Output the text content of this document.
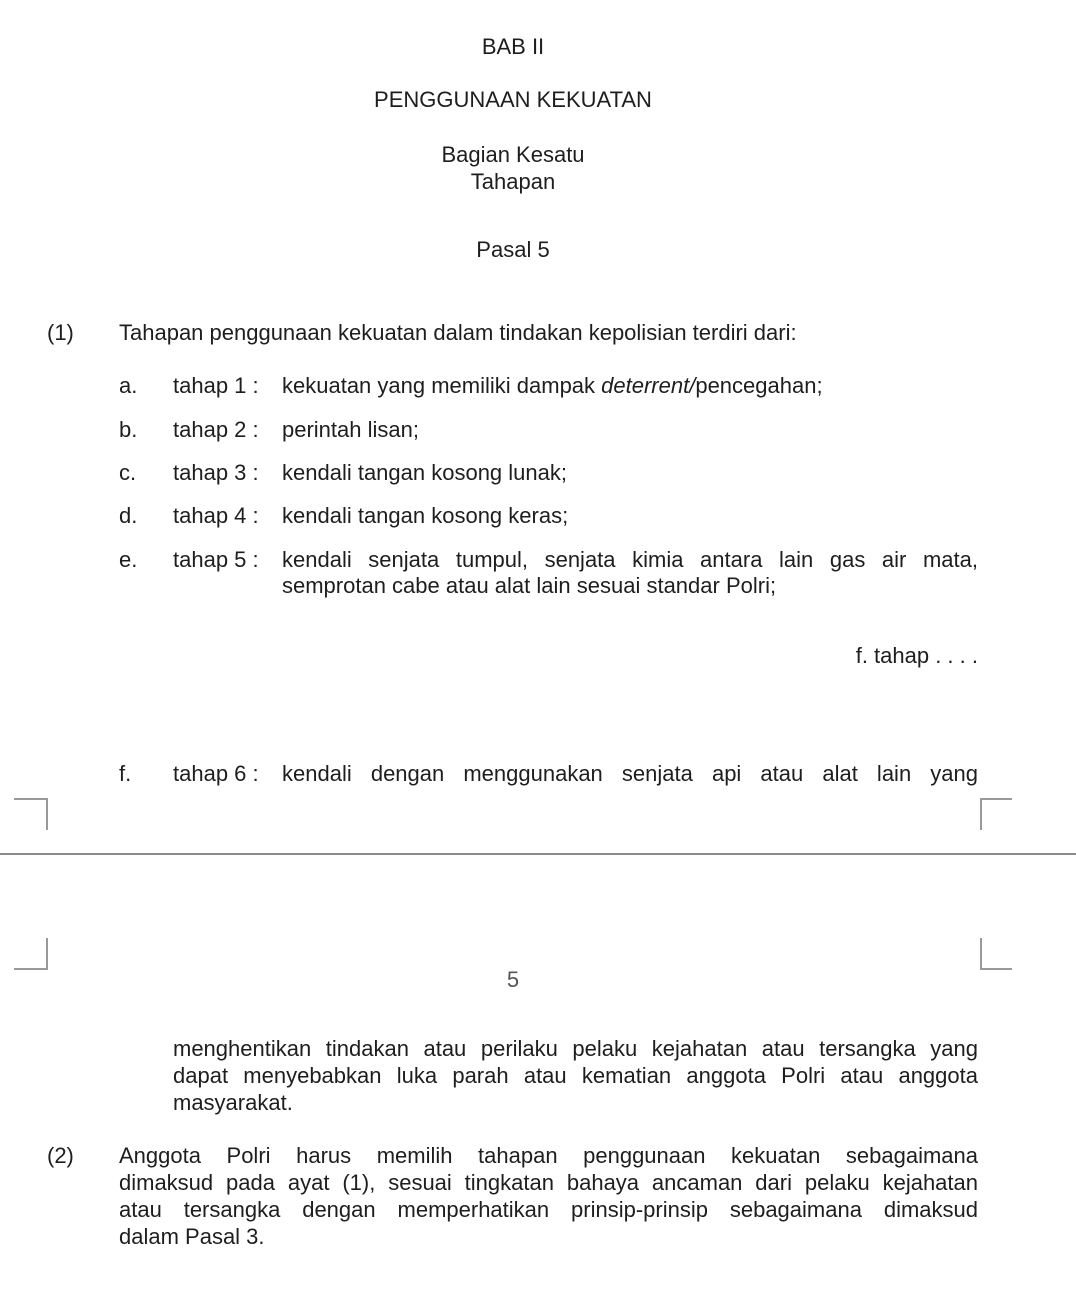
BAB II
PENGGUNAAN KEKUATAN
Bagian Kesatu
Tahapan
Pasal 5
(1) Tahapan penggunaan kekuatan dalam tindakan kepolisian terdiri dari:
a. tahap 1 : kekuatan yang memiliki dampak deterrent/pencegahan;
b. tahap 2 : perintah lisan;
c. tahap 3 : kendali tangan kosong lunak;
d. tahap 4 : kendali tangan kosong keras;
e. tahap 5 : kendali senjata tumpul, senjata kimia antara lain gas air mata,
semprotan cabe atau alat lain sesuai standar Polri;
f. tahap . . . .
f. tahap 6 : kendali dengan menggunakan senjata api atau alat lain yang
5
menghentikan tindakan atau perilaku pelaku kejahatan atau tersangka yang
dapat menyebabkan luka parah atau kematian anggota Polri atau anggota
masyarakat.
(2) Anggota Polri harus memilih tahapan penggunaan kekuatan sebagaimana
dimaksud pada ayat (1), sesuai tingkatan bahaya ancaman dari pelaku kejahatan
atau tersangka dengan memperhatikan prinsip-prinsip sebagaimana dimaksud
dalam Pasal 3.
